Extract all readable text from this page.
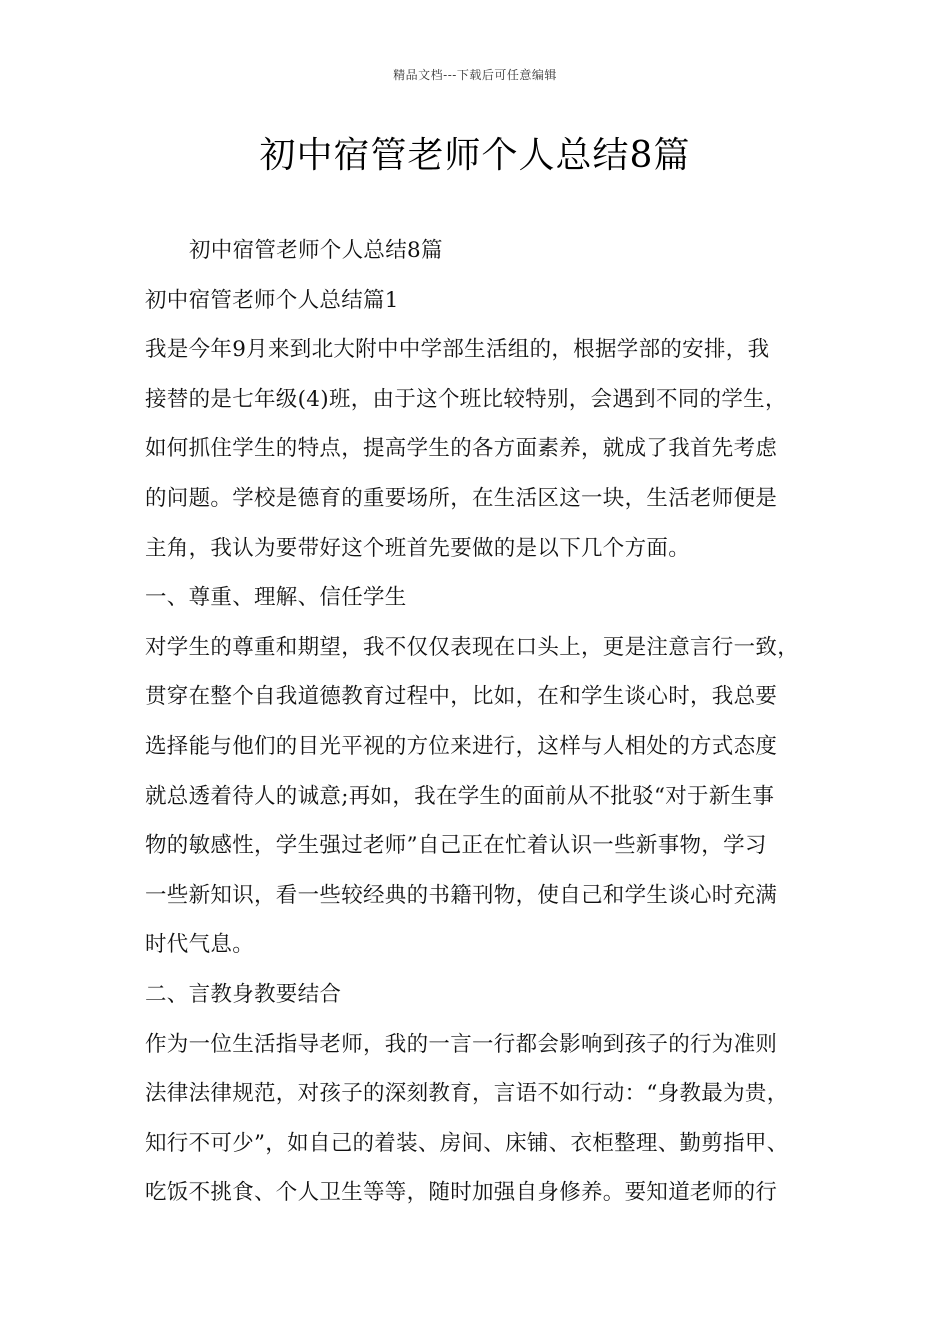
精品文档---下载后可任意编辑
初中宿管老师个人总结8篇
初中宿管老师个人总结8篇
初中宿管老师个人总结篇1
我是今年9月来到北大附中中学部生活组的，根据学部的安排，我
接替的是七年级(4)班，由于这个班比较特别，会遇到不同的学生，
如何抓住学生的特点，提高学生的各方面素养，就成了我首先考虑
的问题。学校是德育的重要场所，在生活区这一块，生活老师便是
主角，我认为要带好这个班首先要做的是以下几个方面。
一、尊重、理解、信任学生
对学生的尊重和期望，我不仅仅表现在口头上，更是注意言行一致，
贯穿在整个自我道德教育过程中，比如，在和学生谈心时，我总要
选择能与他们的目光平视的方位来进行，这样与人相处的方式态度
就总透着待人的诚意;再如，我在学生的面前从不批驳“对于新生事
物的敏感性，学生强过老师”自己正在忙着认识一些新事物，学习
一些新知识，看一些较经典的书籍刊物，使自己和学生谈心时充满
时代气息。
二、言教身教要结合
作为一位生活指导老师，我的一言一行都会影响到孩子的行为准则
法律法律规范，对孩子的深刻教育，言语不如行动：“身教最为贵，
知行不可少”，如自己的着装、房间、床铺、衣柜整理、勤剪指甲、
吃饭不挑食、个人卫生等等，随时加强自身修养。要知道老师的行
